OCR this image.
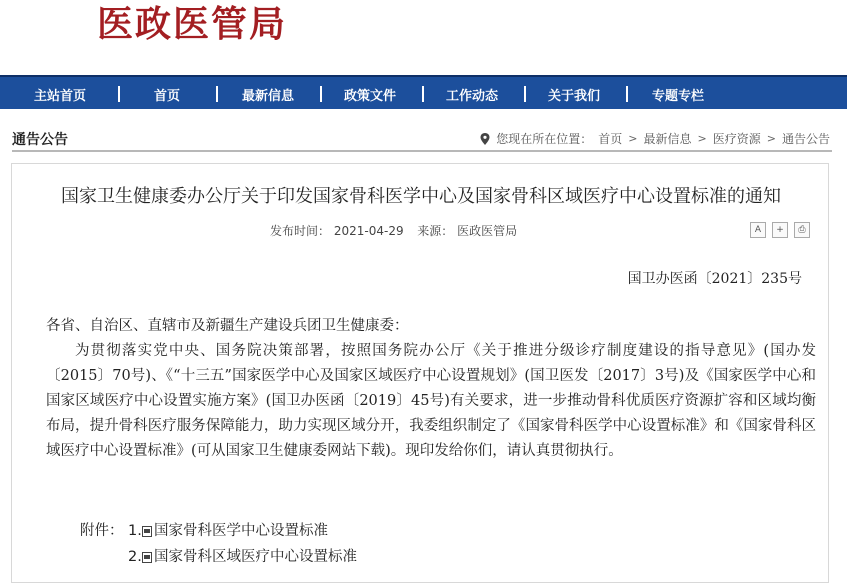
医政医管局
主站首页	首页	最新信息	政策文件	工作动态	关于我们	专题专栏
通告公告	您现在所在位置： 首页 > 最新信息 > 医疗资源 > 通告公告
国家卫生健康委办公厅关于印发国家骨科医学中心及国家骨科区域医疗中心设置标准的通知
发布时间： 2021-04-29 来源： 医政医管局	A	+	⎙
国卫办医函〔2021〕235号

各省、自治区、直辖市及新疆生产建设兵团卫生健康委：

为贯彻落实党中央、国务院决策部署，按照国务院办公厅《关于推进分级诊疗制度建设的指导意见》(国办发〔2015〕70号)、《“十三五”国家医学中心及国家区域医疗中心设置规划》(国卫医发〔2017〕3号)及《国家医学中心和国家区域医疗中心设置实施方案》(国卫办医函〔2019〕45号)有关要求，进一步推动骨科优质医疗资源扩容和区域均衡布局，提升骨科医疗服务保障能力，助力实现区域分开，我委组织制定了《国家骨科医学中心设置标准》和《国家骨科区域医疗中心设置标准》(可从国家卫生健康委网站下载)。现印发给你们，请认真贯彻执行。

附件： 1. 国家骨科医学中心设置标准
2. 国家骨科区域医疗中心设置标准
